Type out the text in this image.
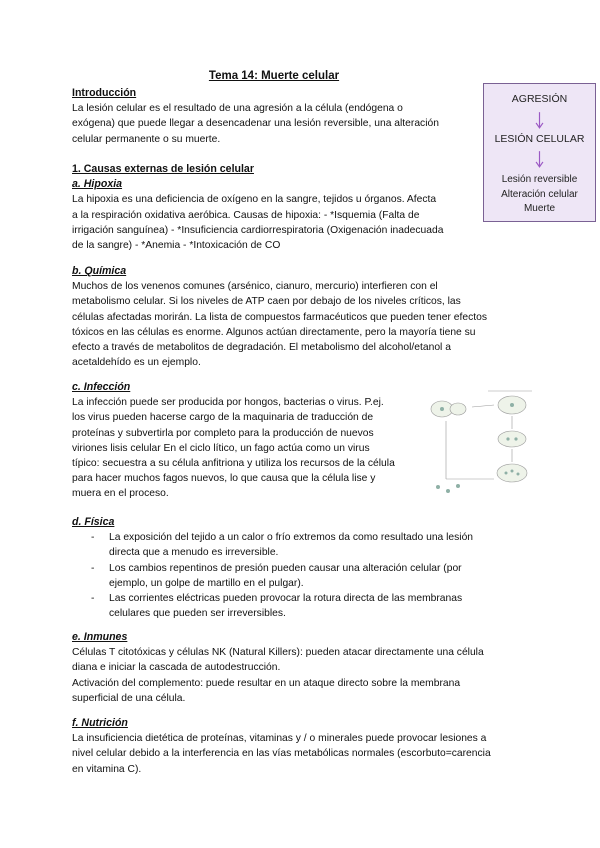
Tema 14: Muerte celular
Introducción

La lesión celular es el resultado de una agresión a la célula (endógena o

exógena) que puede llegar a desencadenar una lesión reversible, una alteración

celular permanente o su muerte.

AGRESIÓN
LESIÓN CELULAR
Lesión reversible
Alteración celular
Muerte
1. Causas externas de lesión celular
a. Hipoxia

La hipoxia es una deficiencia de oxígeno en la sangre, tejidos u órganos. Afecta

a la respiración oxidativa aeróbica. Causas de hipoxia: - *Isquemia (Falta de

irrigación sanguínea) - *Insuficiencia cardiorrespiratoria (Oxigenación inadecuada

de la sangre) - *Anemia - *Intoxicación de CO

b. Química

Muchos de los venenos comunes (arsénico, cianuro, mercurio) interfieren con el

metabolismo celular. Si los niveles de ATP caen por debajo de los niveles críticos, las

células afectadas morirán. La lista de compuestos farmacéuticos que pueden tener efectos

tóxicos en las células es enorme. Algunos actúan directamente, pero la mayoría tiene su

efecto a través de metabolitos de degradación. El metabolismo del alcohol/etanol a

acetaldehído es un ejemplo.

c. Infección

La infección puede ser producida por hongos, bacterias o virus. P.ej.

los virus pueden hacerse cargo de la maquinaria de traducción de

proteínas y subvertirla por completo para la producción de nuevos

viriones lisis celular En el ciclo lítico, un fago actúa como un virus

típico: secuestra a su célula anfitriona y utiliza los recursos de la célula

para hacer muchos fagos nuevos, lo que causa que la célula lise y

muera en el proceso.

d. Física
- La exposición del tejido a un calor o frío extremos da como resultado una lesión
directa que a menudo es irreversible.
- Los cambios repentinos de presión pueden causar una alteración celular (por
ejemplo, un golpe de martillo en el pulgar).
- Las corrientes eléctricas pueden provocar la rotura directa de las membranas
celulares que pueden ser irreversibles.
e. Inmunes

Células T citotóxicas y células NK (Natural Killers): pueden atacar directamente una célula

diana e iniciar la cascada de autodestrucción.

Activación del complemento: puede resultar en un ataque directo sobre la membrana

superficial de una célula.

f. Nutrición

La insuficiencia dietética de proteínas, vitaminas y / o minerales puede provocar lesiones a

nivel celular debido a la interferencia en las vías metabólicas normales (escorbuto=carencia

en vitamina C).
